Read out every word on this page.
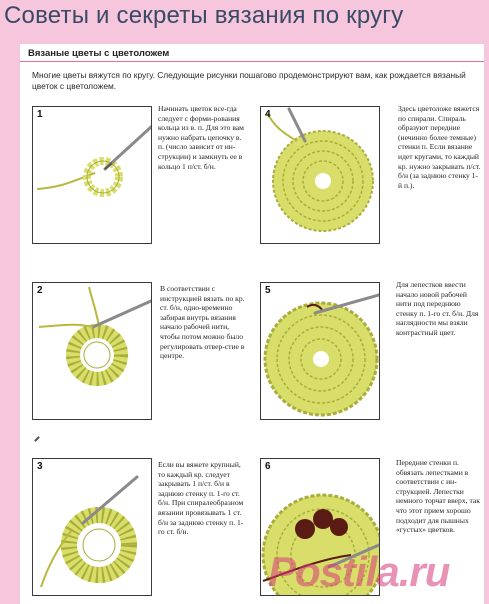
Советы и секреты вязания по кругу
Вязаные цветы с цветоложем
Многие цветы вяжутся по кругу. Следующие рисунки пошагово продемонстрируют вам, как рождается вязаный цветок с цветоложем.
1
Начинать цветок все-гда следует с форми-рования кольца из в. п. Для это вам нужно набрать цепочку в. п. (число зависит от ин-струкции) и замкнуть ее в кольцо 1 п/ст. б/н.
4
Здесь цветоложе вяжется по спирали. Спираль образуют передние (нечинно более темные) стенки п. Если вязание идет кругами, то каждый кр. нужно закрывать п/ст. б/н (за заднюю стенку 1-й п.).
2	В соответствии с инструкцией вязать по кр. ст. б/н, одно-временно забирая внутрь вязания начало рабочей нити, чтобы потом можно было регулировать отвер-стие в центре.
5
Для лепестков ввести начало новой рабочей нити под переднюю стенку п. 1-го ст. б/н. Для наглядности мы взяли контрастный цвет.
3	Если вы вяжете крупный, то каждый кр. следует закрывать 1 п/ст. б/н в заднюю стенку п. 1-го ст. б/н. При спиралеобразном вязании провязывать 1 ст. б/н за заднюю стенку п. 1-го ст. б/н.
6	Передние стенки п. обвязать лепестками в соответствии с ин-струкцией. Лепестки немного торчат вверх, так что этот прием хорошо подходит для пышных «густых» цветков.
Postila.ru
